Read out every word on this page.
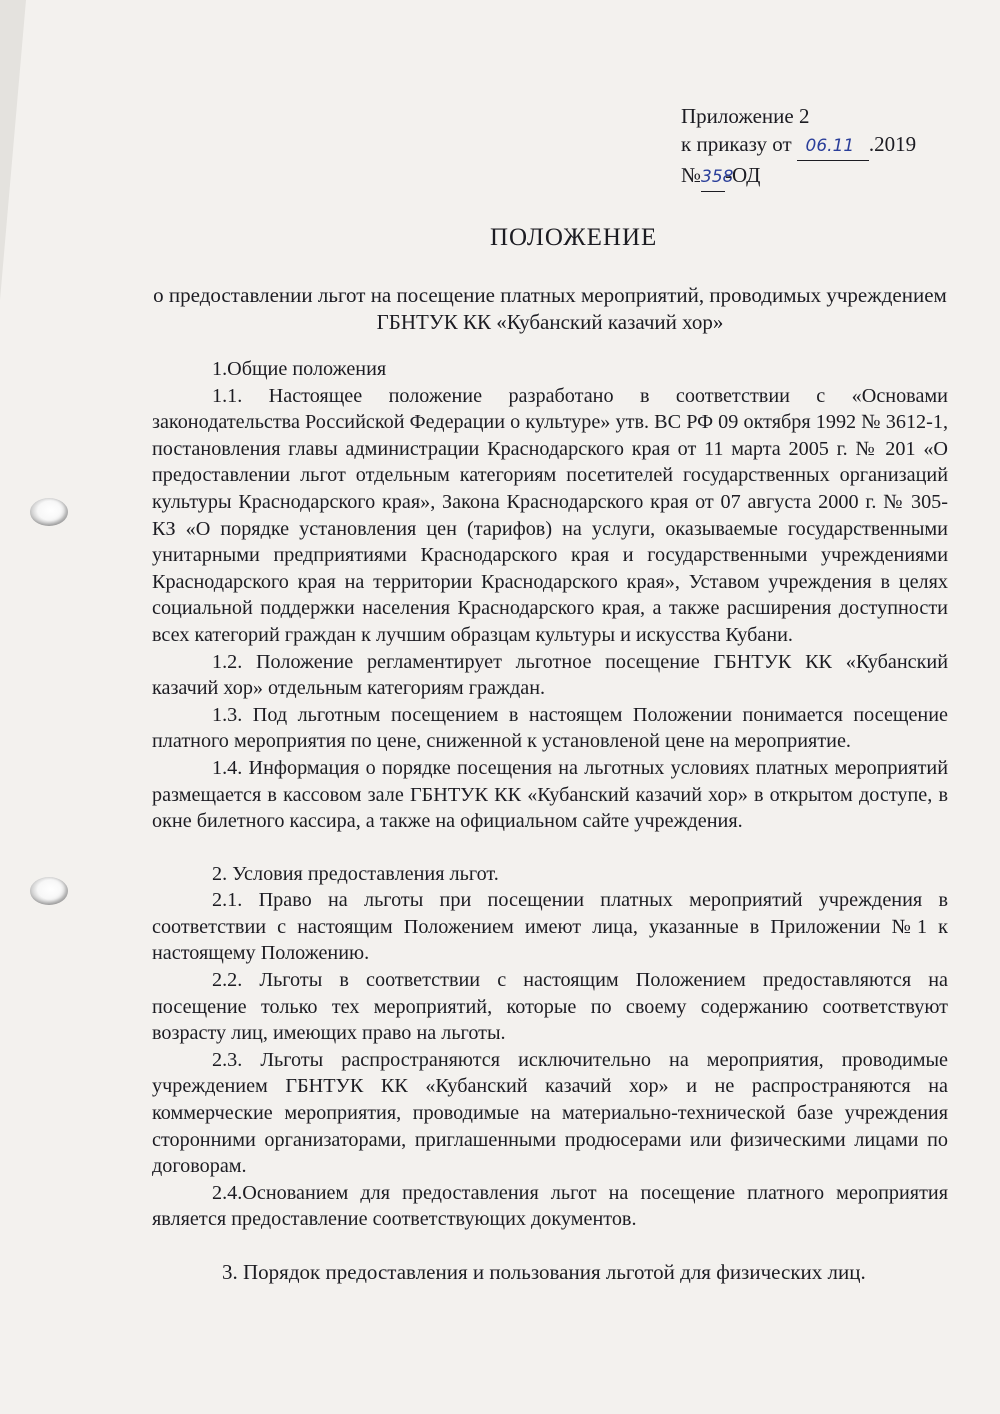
Приложение 2
к приказу от 06.11 .2019
№358-ОД
ПОЛОЖЕНИЕ
о предоставлении льгот на посещение платных мероприятий, проводимых учреждением ГБНТУК КК «Кубанский казачий хор»

1.Общие положения

1.1. Настоящее положение разработано в соответствии с «Основами законодательства Российской Федерации о культуре» утв. ВС РФ 09 октября 1992 № 3612-1, постановления главы администрации Краснодарского края от 11 марта 2005 г. № 201 «О предоставлении льгот отдельным категориям посетителей государственных организаций культуры Краснодарского края», Закона Краснодарского края от 07 августа 2000 г. № 305-КЗ «О порядке установления цен (тарифов) на услуги, оказываемые государственными унитарными предприятиями Краснодарского края и государственными учреждениями Краснодарского края на территории Краснодарского края», Уставом учреждения в целях социальной поддержки населения Краснодарского края, а также расширения доступности всех категорий граждан к лучшим образцам культуры и искусства Кубани.

1.2. Положение регламентирует льготное посещение ГБНТУК КК «Кубанский казачий хор» отдельным категориям граждан.

1.3. Под льготным посещением в настоящем Положении понимается посещение платного мероприятия по цене, сниженной к установленой цене на мероприятие.

1.4. Информация о порядке посещения на льготных условиях платных мероприятий размещается в кассовом зале ГБНТУК КК «Кубанский казачий хор» в открытом доступе, в окне билетного кассира, а также на официальном сайте учреждения.

2. Условия предоставления льгот.

2.1. Право на льготы при посещении платных мероприятий учреждения в соответствии с настоящим Положением имеют лица, указанные в Приложении №1 к настоящему Положению.

2.2. Льготы в соответствии с настоящим Положением предоставляются на посещение только тех мероприятий, которые по своему содержанию соответствуют возрасту лиц, имеющих право на льготы.

2.3. Льготы распространяются исключительно на мероприятия, проводимые учреждением ГБНТУК КК «Кубанский казачий хор» и не распространяются на коммерческие мероприятия, проводимые на материально-технической базе учреждения сторонними организаторами, приглашенными продюсерами или физическими лицами по договорам.

2.4.Основанием для предоставления льгот на посещение платного мероприятия является предоставление соответствующих документов.

3. Порядок предоставления и пользования льготой для физических лиц.
